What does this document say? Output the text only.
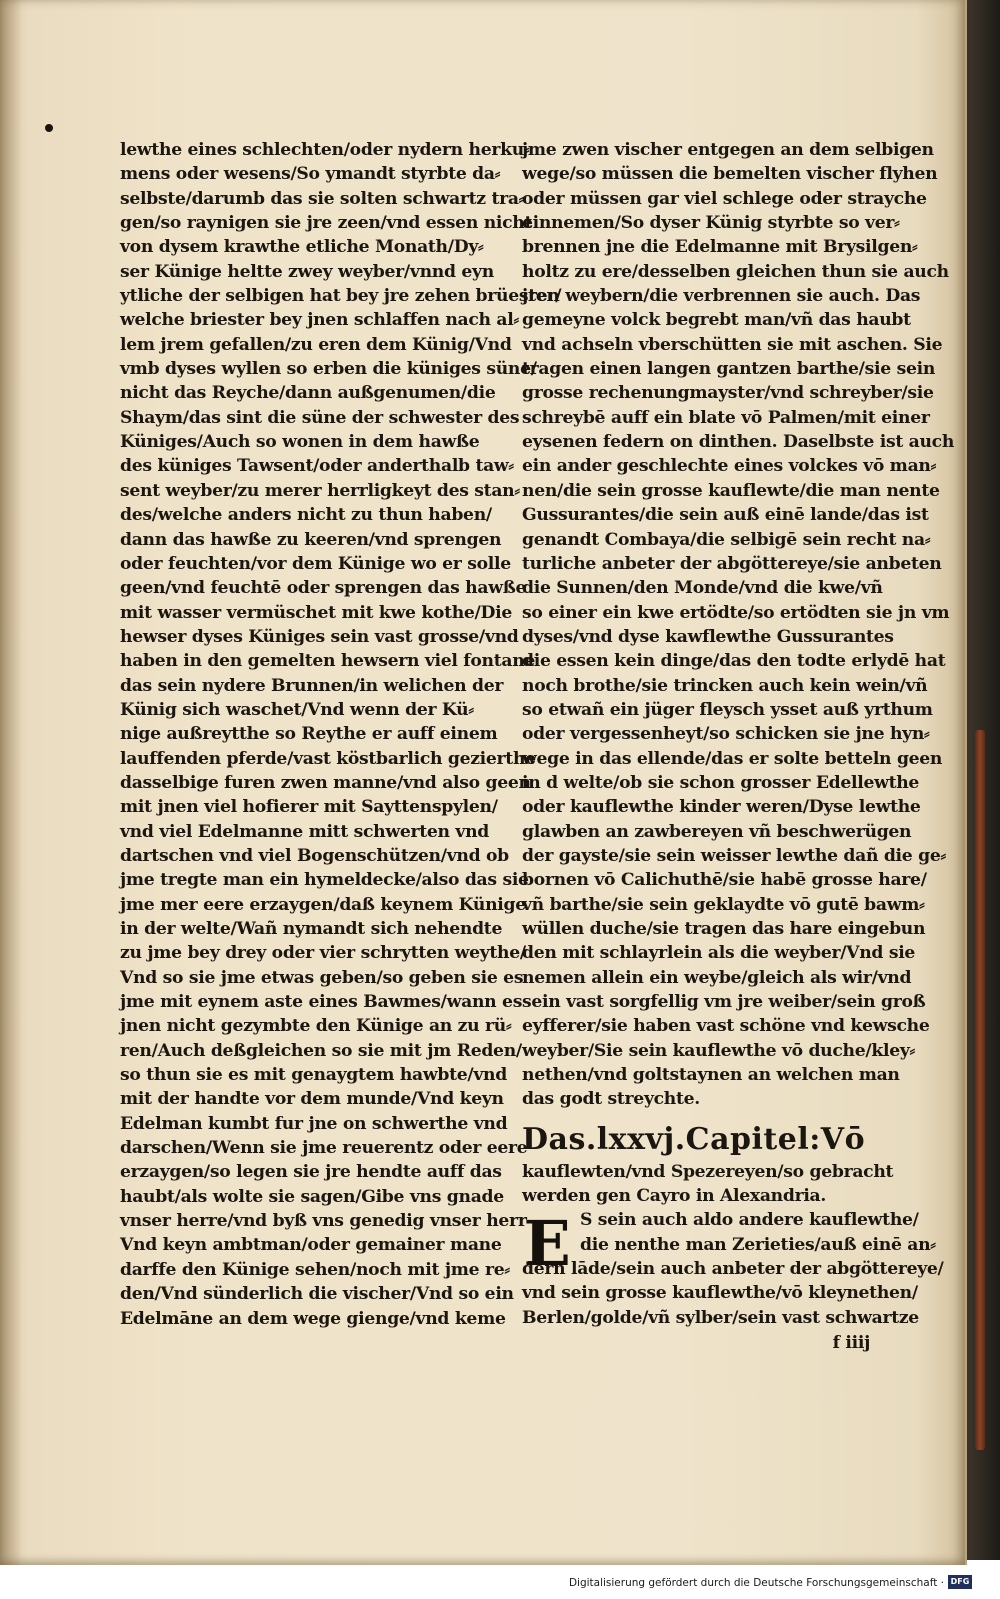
lewthe eines schlechten/oder nydern herku⸗
mens oder wesens/So ymandt styrbte da⸗
selbste/darumb das sie solten schwartz tra⸗
gen/so raynigen sie jre zeen/vnd essen nicht
von dysem krawthe etliche Monath/Dy⸗
ser Künige heltte zwey weyber/vnnd eyn
ytliche der selbigen hat bey jre zehen brüester/
welche briester bey jnen schlaffen nach al⸗
lem jrem gefallen/zu eren dem Künig/Vnd
vmb dyses wyllen so erben die küniges süne/
nicht das Reyche/dann außgenumen/die
Shaym/das sint die süne der schwester des
Küniges/Auch so wonen in dem hawße
des küniges Tawsent/oder anderthalb taw⸗
sent weyber/zu merer herrligkeyt des stan⸗
des/welche anders nicht zu thun haben/
dann das hawße zu keeren/vnd sprengen
oder feuchten/vor dem Künige wo er solle
geen/vnd feuchtē oder sprengen das hawße
mit wasser vermüschet mit kwe kothe/Die
hewser dyses Küniges sein vast grosse/vnd
haben in den gemelten hewsern viel fontane
das sein nydere Brunnen/in welichen der
Künig sich waschet/Vnd wenn der Kü⸗
nige außreytthe so Reythe er auff einem
lauffenden pferde/vast köstbarlich gezierthe
dasselbige furen zwen manne/vnd also geen
mit jnen viel hofierer mit Sayttenspylen/
vnd viel Edelmanne mitt schwerten vnd
dartschen vnd viel Bogenschützen/vnd ob
jme tregte man ein hymeldecke/also das sie
jme mer eere erzaygen/daß keynem Künige
in der welte/Wañ nymandt sich nehendte
zu jme bey drey oder vier schrytten weythe/
Vnd so sie jme etwas geben/so geben sie es
jme mit eynem aste eines Bawmes/wann es
jnen nicht gezymbte den Künige an zu rü⸗
ren/Auch deßgleichen so sie mit jm Reden/
so thun sie es mit genaygtem hawbte/vnd
mit der handte vor dem munde/Vnd keyn
Edelman kumbt fur jne on schwerthe vnd
darschen/Wenn sie jme reuerentz oder eere
erzaygen/so legen sie jre hendte auff das
haubt/als wolte sie sagen/Gibe vns gnade
vnser herre/vnd byß vns genedig vnser herr
Vnd keyn ambtman/oder gemainer mane
darffe den Künige sehen/noch mit jme re⸗
den/Vnd sünderlich die vischer/Vnd so ein
Edelmāne an dem wege gienge/vnd keme
jme zwen vischer entgegen an dem selbigen
wege/so müssen die bemelten vischer flyhen
oder müssen gar viel schlege oder strayche
einnemen/So dyser Künig styrbte so ver⸗
brennen jne die Edelmanne mit Brysilgen⸗
holtz zu ere/desselben gleichen thun sie auch
jren weybern/die verbrennen sie auch. Das
gemeyne volck begrebt man/vñ das haubt
vnd achseln vberschütten sie mit aschen. Sie
tragen einen langen gantzen barthe/sie sein
grosse rechenungmayster/vnd schreyber/sie
schreybē auff ein blate vō Palmen/mit einer
eysenen federn on dinthen. Daselbste ist auch
ein ander geschlechte eines volckes vō man⸗
nen/die sein grosse kauflewte/die man nente
Gussurantes/die sein auß einē lande/das ist
genandt Combaya/die selbigē sein recht na⸗
turliche anbeter der abgöttereye/sie anbeten
die Sunnen/den Monde/vnd die kwe/vñ
so einer ein kwe ertödte/so ertödten sie jn vm
dyses/vnd dyse kawflewthe Gussurantes
die essen kein dinge/das den todte erlydē hat
noch brothe/sie trincken auch kein wein/vñ
so etwañ ein jüger fleysch ysset auß yrthum
oder vergessenheyt/so schicken sie jne hyn⸗
wege in das ellende/das er solte betteln geen
in d welte/ob sie schon grosser Edellewthe
oder kauflewthe kinder weren/Dyse lewthe
glawben an zawbereyen vñ beschwerügen
der gayste/sie sein weisser lewthe dañ die ge⸗
bornen vō Calichuthē/sie habē grosse hare/
vñ barthe/sie sein geklaydte vō gutē bawm⸗
wüllen duche/sie tragen das hare eingebun
den mit schlayrlein als die weyber/Vnd sie
nemen allein ein weybe/gleich als wir/vnd
sein vast sorgfellig vm jre weiber/sein groß
eyfferer/sie haben vast schöne vnd kewsche
weyber/Sie sein kauflewthe vō duche/kley⸗
nethen/vnd goltstaynen an welchen man
das godt streychte.
Das.lxxvj.Capitel:Vō
kauflewten/vnd Spezereyen/so gebracht
werden gen Cayro in Alexandria.
E S sein auch aldo andere kauflewthe/
die nenthe man Zerieties/auß einē an⸗
dern lāde/sein auch anbeter der abgöttereye/
vnd sein grosse kauflewthe/vō kleynethen/
Berlen/golde/vñ sylber/sein vast schwartze
f iiij
Digitalisierung gefördert durch die Deutsche Forschungsgemeinschaft · DFG
